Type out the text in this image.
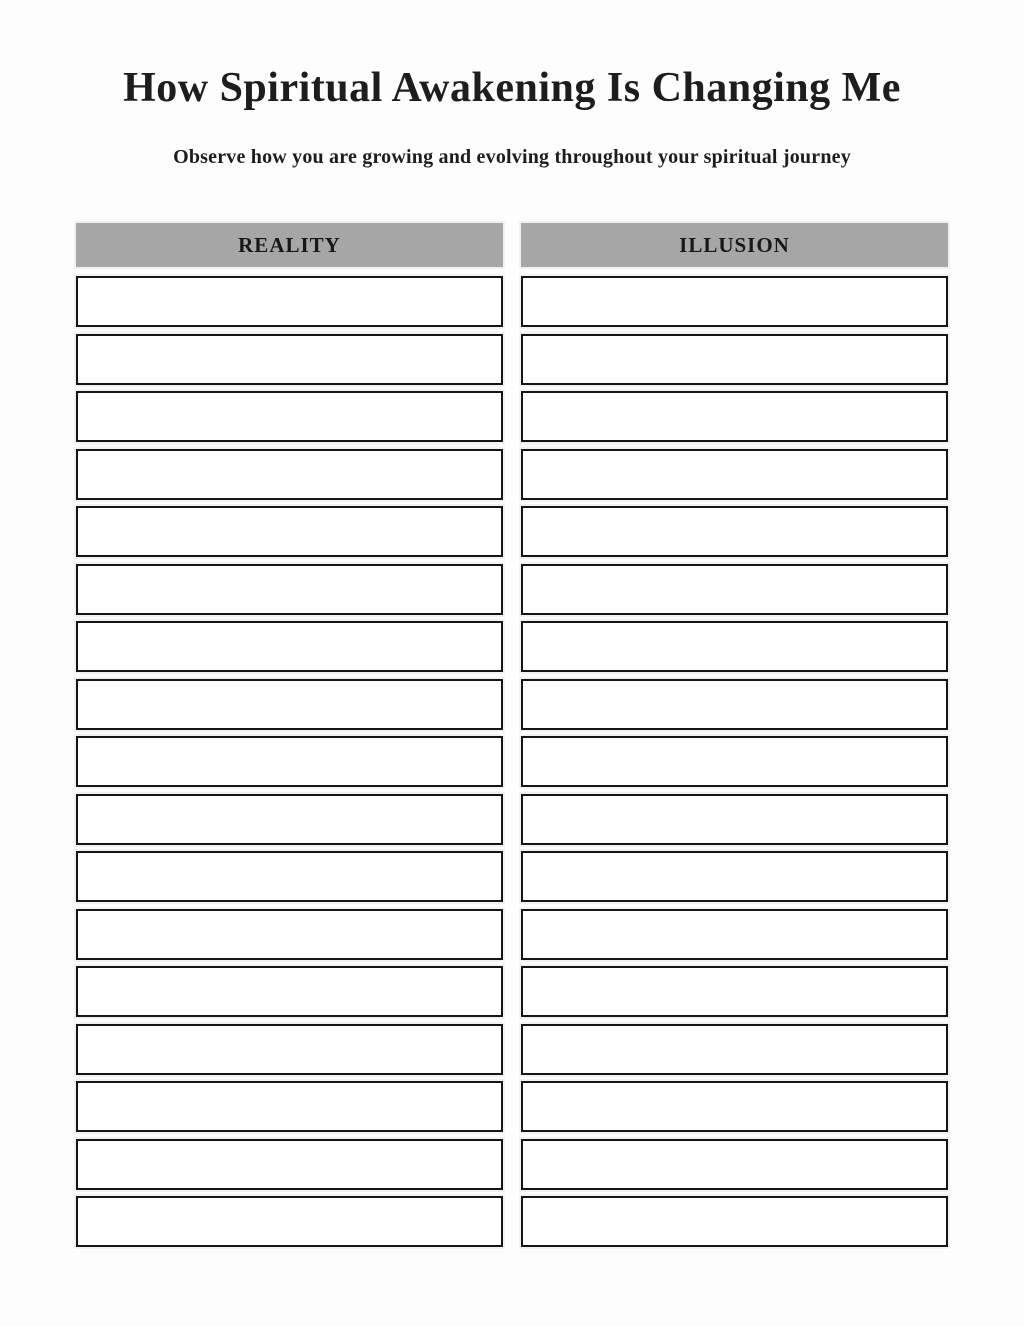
How Spiritual Awakening Is Changing Me

Observe how you are growing and evolving throughout your spiritual journey

REALITY	ILLUSION
